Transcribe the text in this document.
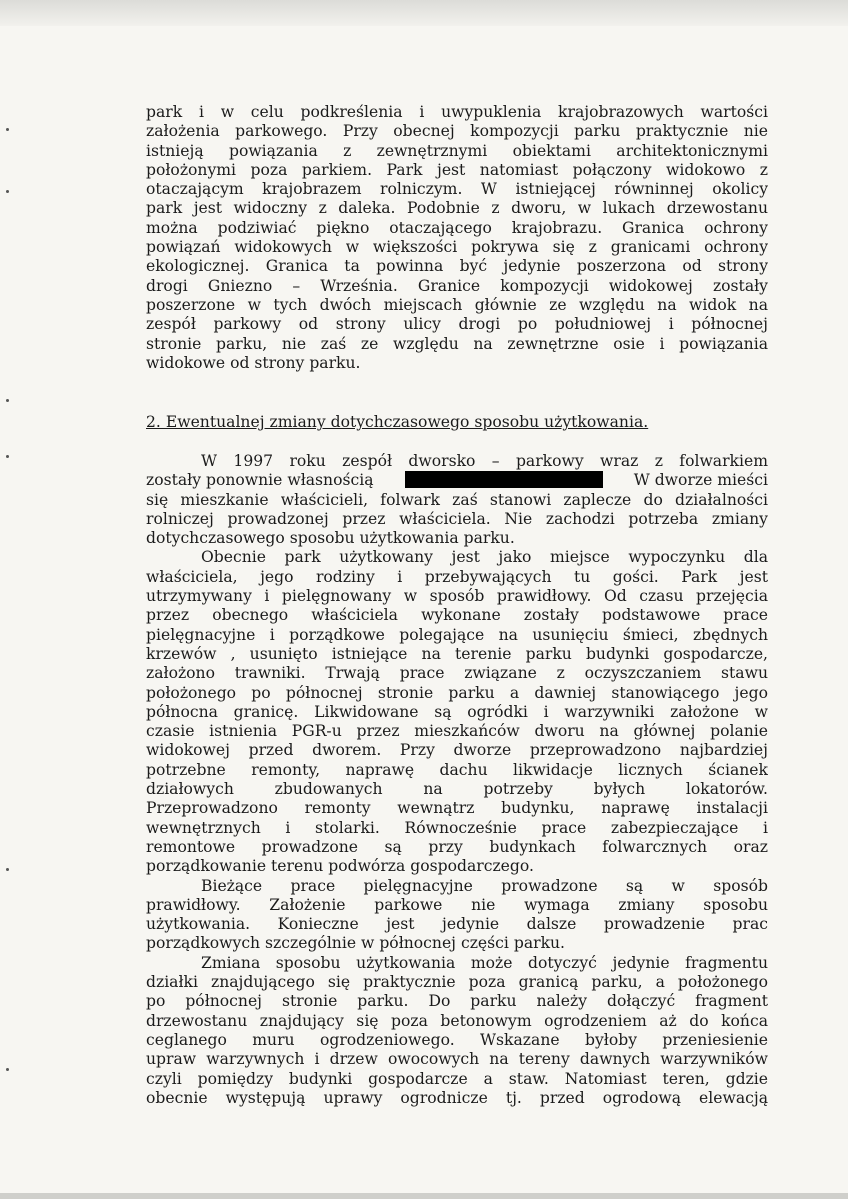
park i w celu podkreślenia i uwypuklenia krajobrazowych wartości
założenia parkowego. Przy obecnej kompozycji parku praktycznie nie
istnieją powiązania z zewnętrznymi obiektami architektonicznymi
położonymi poza parkiem. Park jest natomiast połączony widokowo z
otaczającym krajobrazem rolniczym. W istniejącej równinnej okolicy
park jest widoczny z daleka. Podobnie z dworu, w lukach drzewostanu
można podziwiać piękno otaczającego krajobrazu. Granica ochrony
powiązań widokowych w większości pokrywa się z granicami ochrony
ekologicznej. Granica ta powinna być jedynie poszerzona od strony
drogi Gniezno – Września. Granice kompozycji widokowej zostały
poszerzone w tych dwóch miejscach głównie ze względu na widok na
zespół parkowy od strony ulicy drogi po południowej i północnej
stronie parku, nie zaś ze względu na zewnętrzne osie i powiązania
widokowe od strony parku.
2. Ewentualnej zmiany dotychczasowego sposobu użytkowania.
W 1997 roku zespół dworsko – parkowy wraz z folwarkiem
zostały ponownie własnością	W dworze mieści
się mieszkanie właścicieli, folwark zaś stanowi zaplecze do działalności
rolniczej prowadzonej przez właściciela. Nie zachodzi potrzeba zmiany
dotychczasowego sposobu użytkowania parku.
Obecnie park użytkowany jest jako miejsce wypoczynku dla
właściciela, jego rodziny i przebywających tu gości. Park jest
utrzymywany i pielęgnowany w sposób prawidłowy. Od czasu przejęcia
przez obecnego właściciela wykonane zostały podstawowe prace
pielęgnacyjne i porządkowe polegające na usunięciu śmieci, zbędnych
krzewów , usunięto istniejące na terenie parku budynki gospodarcze,
założono trawniki. Trwają prace związane z oczyszczaniem stawu
położonego po północnej stronie parku a dawniej stanowiącego jego
północna granicę. Likwidowane są ogródki i warzywniki założone w
czasie istnienia PGR-u przez mieszkańców dworu na głównej polanie
widokowej przed dworem. Przy dworze przeprowadzono najbardziej
potrzebne remonty, naprawę dachu likwidacje licznych ścianek
działowych zbudowanych na potrzeby byłych lokatorów.
Przeprowadzono remonty wewnątrz budynku, naprawę instalacji
wewnętrznych i stolarki. Równocześnie prace zabezpieczające i
remontowe prowadzone są przy budynkach folwarcznych oraz
porządkowanie terenu podwórza gospodarczego.
Bieżące prace pielęgnacyjne prowadzone są w sposób
prawidłowy. Założenie parkowe nie wymaga zmiany sposobu
użytkowania. Konieczne jest jedynie dalsze prowadzenie prac
porządkowych szczególnie w północnej części parku.
Zmiana sposobu użytkowania może dotyczyć jedynie fragmentu
działki znajdującego się praktycznie poza granicą parku, a położonego
po północnej stronie parku. Do parku należy dołączyć fragment
drzewostanu znajdujący się poza betonowym ogrodzeniem aż do końca
ceglanego muru ogrodzeniowego. Wskazane byłoby przeniesienie
upraw warzywnych i drzew owocowych na tereny dawnych warzywników
czyli pomiędzy budynki gospodarcze a staw. Natomiast teren, gdzie
obecnie występują uprawy ogrodnicze tj. przed ogrodową elewacją
